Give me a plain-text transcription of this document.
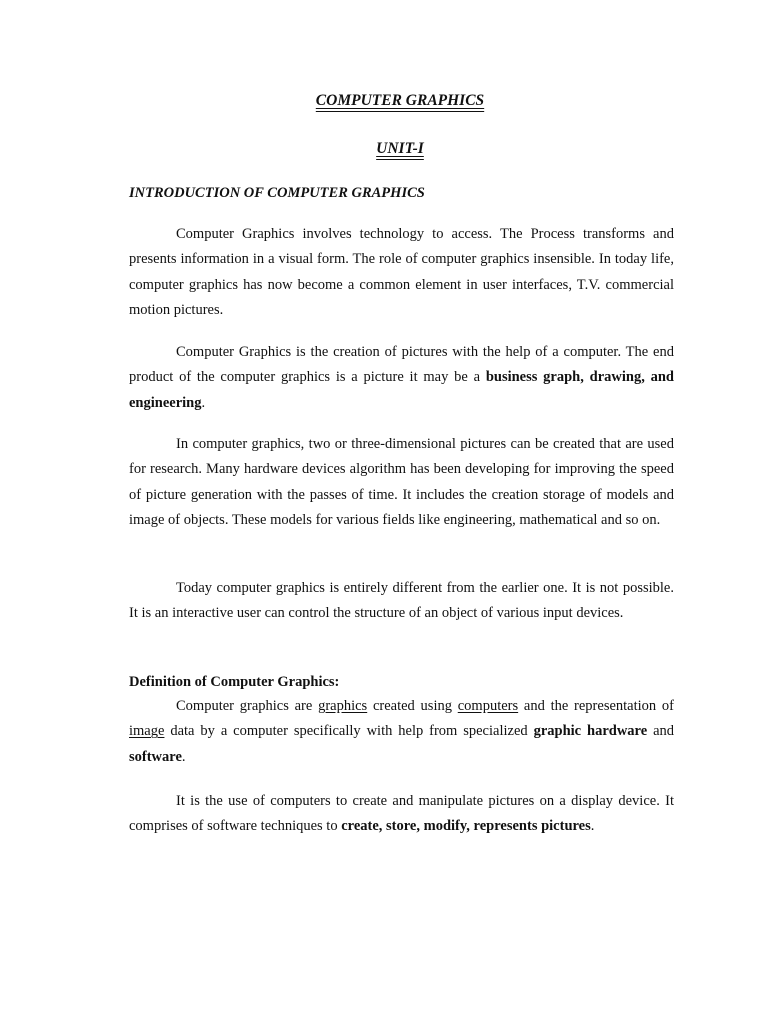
COMPUTER GRAPHICS
UNIT-I
INTRODUCTION OF COMPUTER GRAPHICS

Computer Graphics involves technology to access. The Process transforms and presents information in a visual form. The role of computer graphics insensible. In today life, computer graphics has now become a common element in user interfaces, T.V. commercial motion pictures.

Computer Graphics is the creation of pictures with the help of a computer. The end product of the computer graphics is a picture it may be a business graph, drawing, and engineering.

In computer graphics, two or three-dimensional pictures can be created that are used for research. Many hardware devices algorithm has been developing for improving the speed of picture generation with the passes of time. It includes the creation storage of models and image of objects. These models for various fields like engineering, mathematical and so on.

Today computer graphics is entirely different from the earlier one. It is not possible. It is an interactive user can control the structure of an object of various input devices.

Definition of Computer Graphics:

Computer graphics are graphics created using computers and the representation of image data by a computer specifically with help from specialized graphic hardware and software.

It is the use of computers to create and manipulate pictures on a display device. It comprises of software techniques to create, store, modify, represents pictures.
